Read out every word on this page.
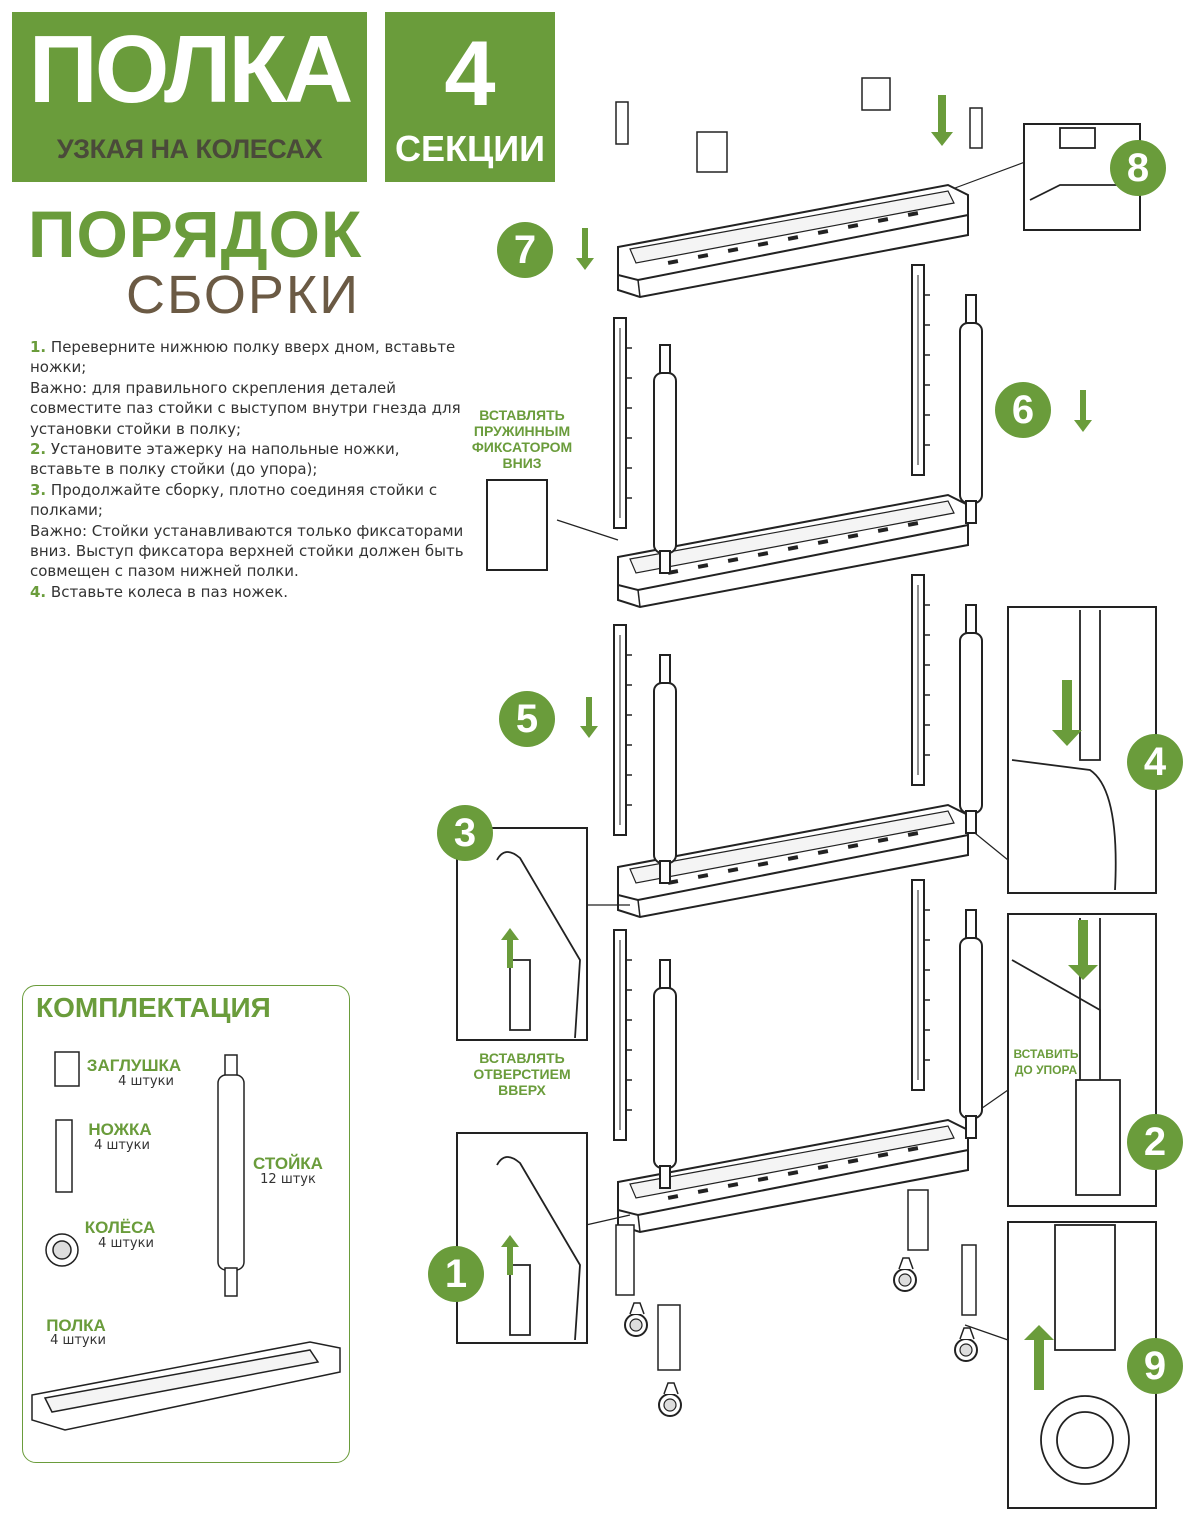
ПОЛКА
УЗКАЯ НА КОЛЕСАХ
4
СЕКЦИИ
ПОРЯДОК
СБОРКИ

1. Переверните нижнюю полку вверх дном, вставьте ножки;

Важно: для правильного скрепления деталей совместите паз стойки с выступом внутри гнезда для установки стойки в полку;

2. Установите этажерку на напольные ножки, вставьте в полку стойки (до упора);

3. Продолжайте сборку, плотно соединяя стойки с полками;

Важно: Стойки устанавливаются только фиксаторами вниз. Выступ фиксатора верхней стойки должен быть совмещен с пазом нижней полки.

4. Вставьте колеса в паз ножек.

ВСТАВЛЯТЬ ПРУЖИННЫМ ФИКСАТОРОМ ВНИЗ
ВСТАВЛЯТЬ ОТВЕРСТИЕМ ВВЕРХ
ВСТАВИТЬ ДО УПОРА
1
2
3
4
5
6
7
8
9
КОМПЛЕКТАЦИЯ
ЗАГЛУШКА
4 штуки
НОЖКА
4 штуки
КОЛЁСА
4 штуки
СТОЙКА
12 штук
ПОЛКА
4 штуки
